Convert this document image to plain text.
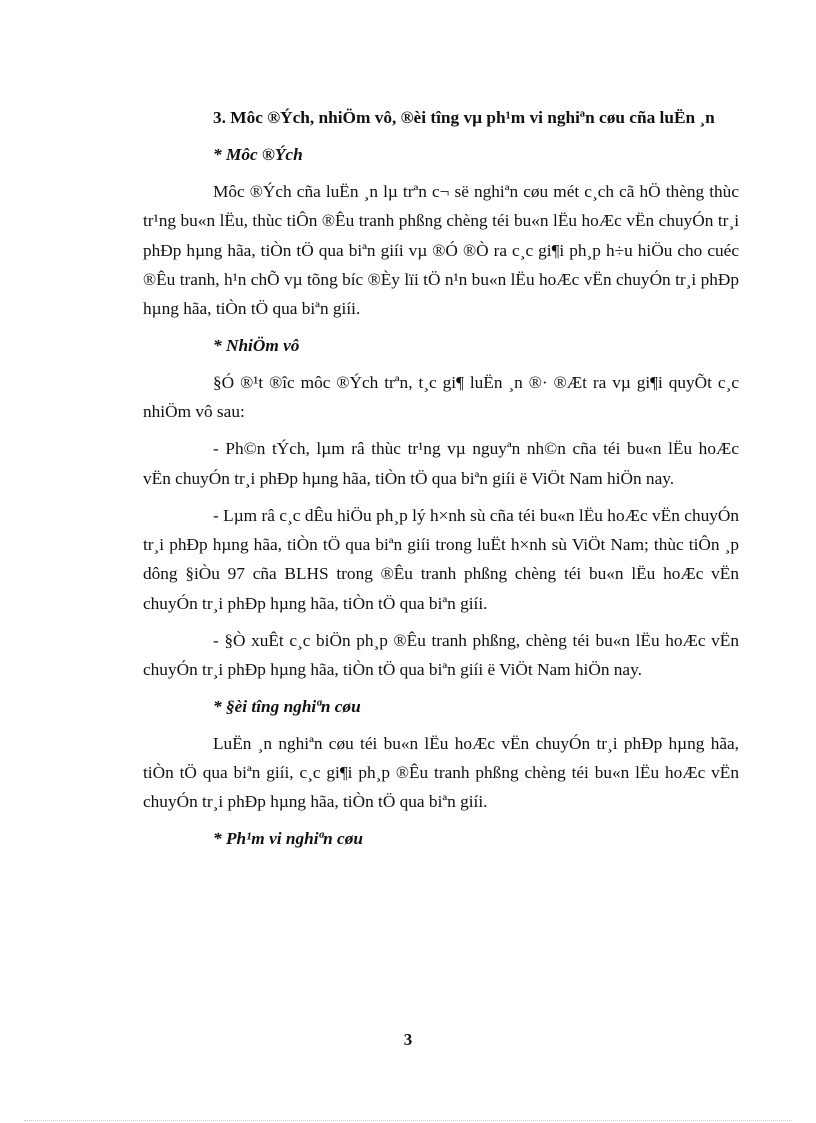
3. Môc ®Ých, nhiÖm vô, ®èi tîng vµ ph¹m vi nghiªn cøu cña luËn ¸n

* Môc ®Ých

Môc ®Ých cña luËn ¸n lµ trªn c¬ së nghiªn cøu mét c¸ch cã hÖ thèng thùc tr¹ng bu«n lËu, thùc tiÔn ®Êu tranh phßng chèng téi bu«n lËu hoÆc vËn chuyÓn tr¸i phÐp hµng hãa, tiÒn tÖ qua biªn giíi vµ ®Ó ®Ò ra c¸c gi¶i ph¸p h÷u hiÖu cho cuéc ®Êu tranh, h¹n chÕ vµ tõng bíc ®Èy lïi tÖ n¹n bu«n lËu hoÆc vËn chuyÓn tr¸i phÐp hµng hãa, tiÒn tÖ qua biªn giíi.

* NhiÖm vô

§Ó ®¹t ®îc môc ®Ých trªn, t¸c gi¶ luËn ¸n ®· ®Æt ra vµ gi¶i quyÕt c¸c nhiÖm vô sau:

- Ph©n tÝch, lµm râ thùc tr¹ng vµ nguyªn nh©n cña téi bu«n lËu hoÆc vËn chuyÓn tr¸i phÐp hµng hãa, tiÒn tÖ qua biªn giíi ë ViÖt Nam hiÖn nay.

- Lµm râ c¸c dÊu hiÖu ph¸p lý h×nh sù cña téi bu«n lËu hoÆc vËn chuyÓn tr¸i phÐp hµng hãa, tiÒn tÖ qua biªn giíi trong luËt h×nh sù ViÖt Nam; thùc tiÔn ¸p dông §iÒu 97 cña BLHS trong ®Êu tranh phßng chèng téi bu«n lËu hoÆc vËn chuyÓn tr¸i phÐp hµng hãa, tiÒn tÖ qua biªn giíi.

- §Ò xuÊt c¸c biÖn ph¸p ®Êu tranh phßng, chèng téi bu«n lËu hoÆc vËn chuyÓn tr¸i phÐp hµng hãa, tiÒn tÖ qua biªn giíi ë ViÖt Nam hiÖn nay.

* §èi tîng nghiªn cøu

LuËn ¸n nghiªn cøu téi bu«n lËu hoÆc vËn chuyÓn tr¸i phÐp hµng hãa, tiÒn tÖ qua biªn giíi, c¸c gi¶i ph¸p ®Êu tranh phßng chèng téi bu«n lËu hoÆc vËn chuyÓn tr¸i phÐp hµng hãa, tiÒn tÖ qua biªn giíi.

* Ph¹m vi nghiªn cøu

3
